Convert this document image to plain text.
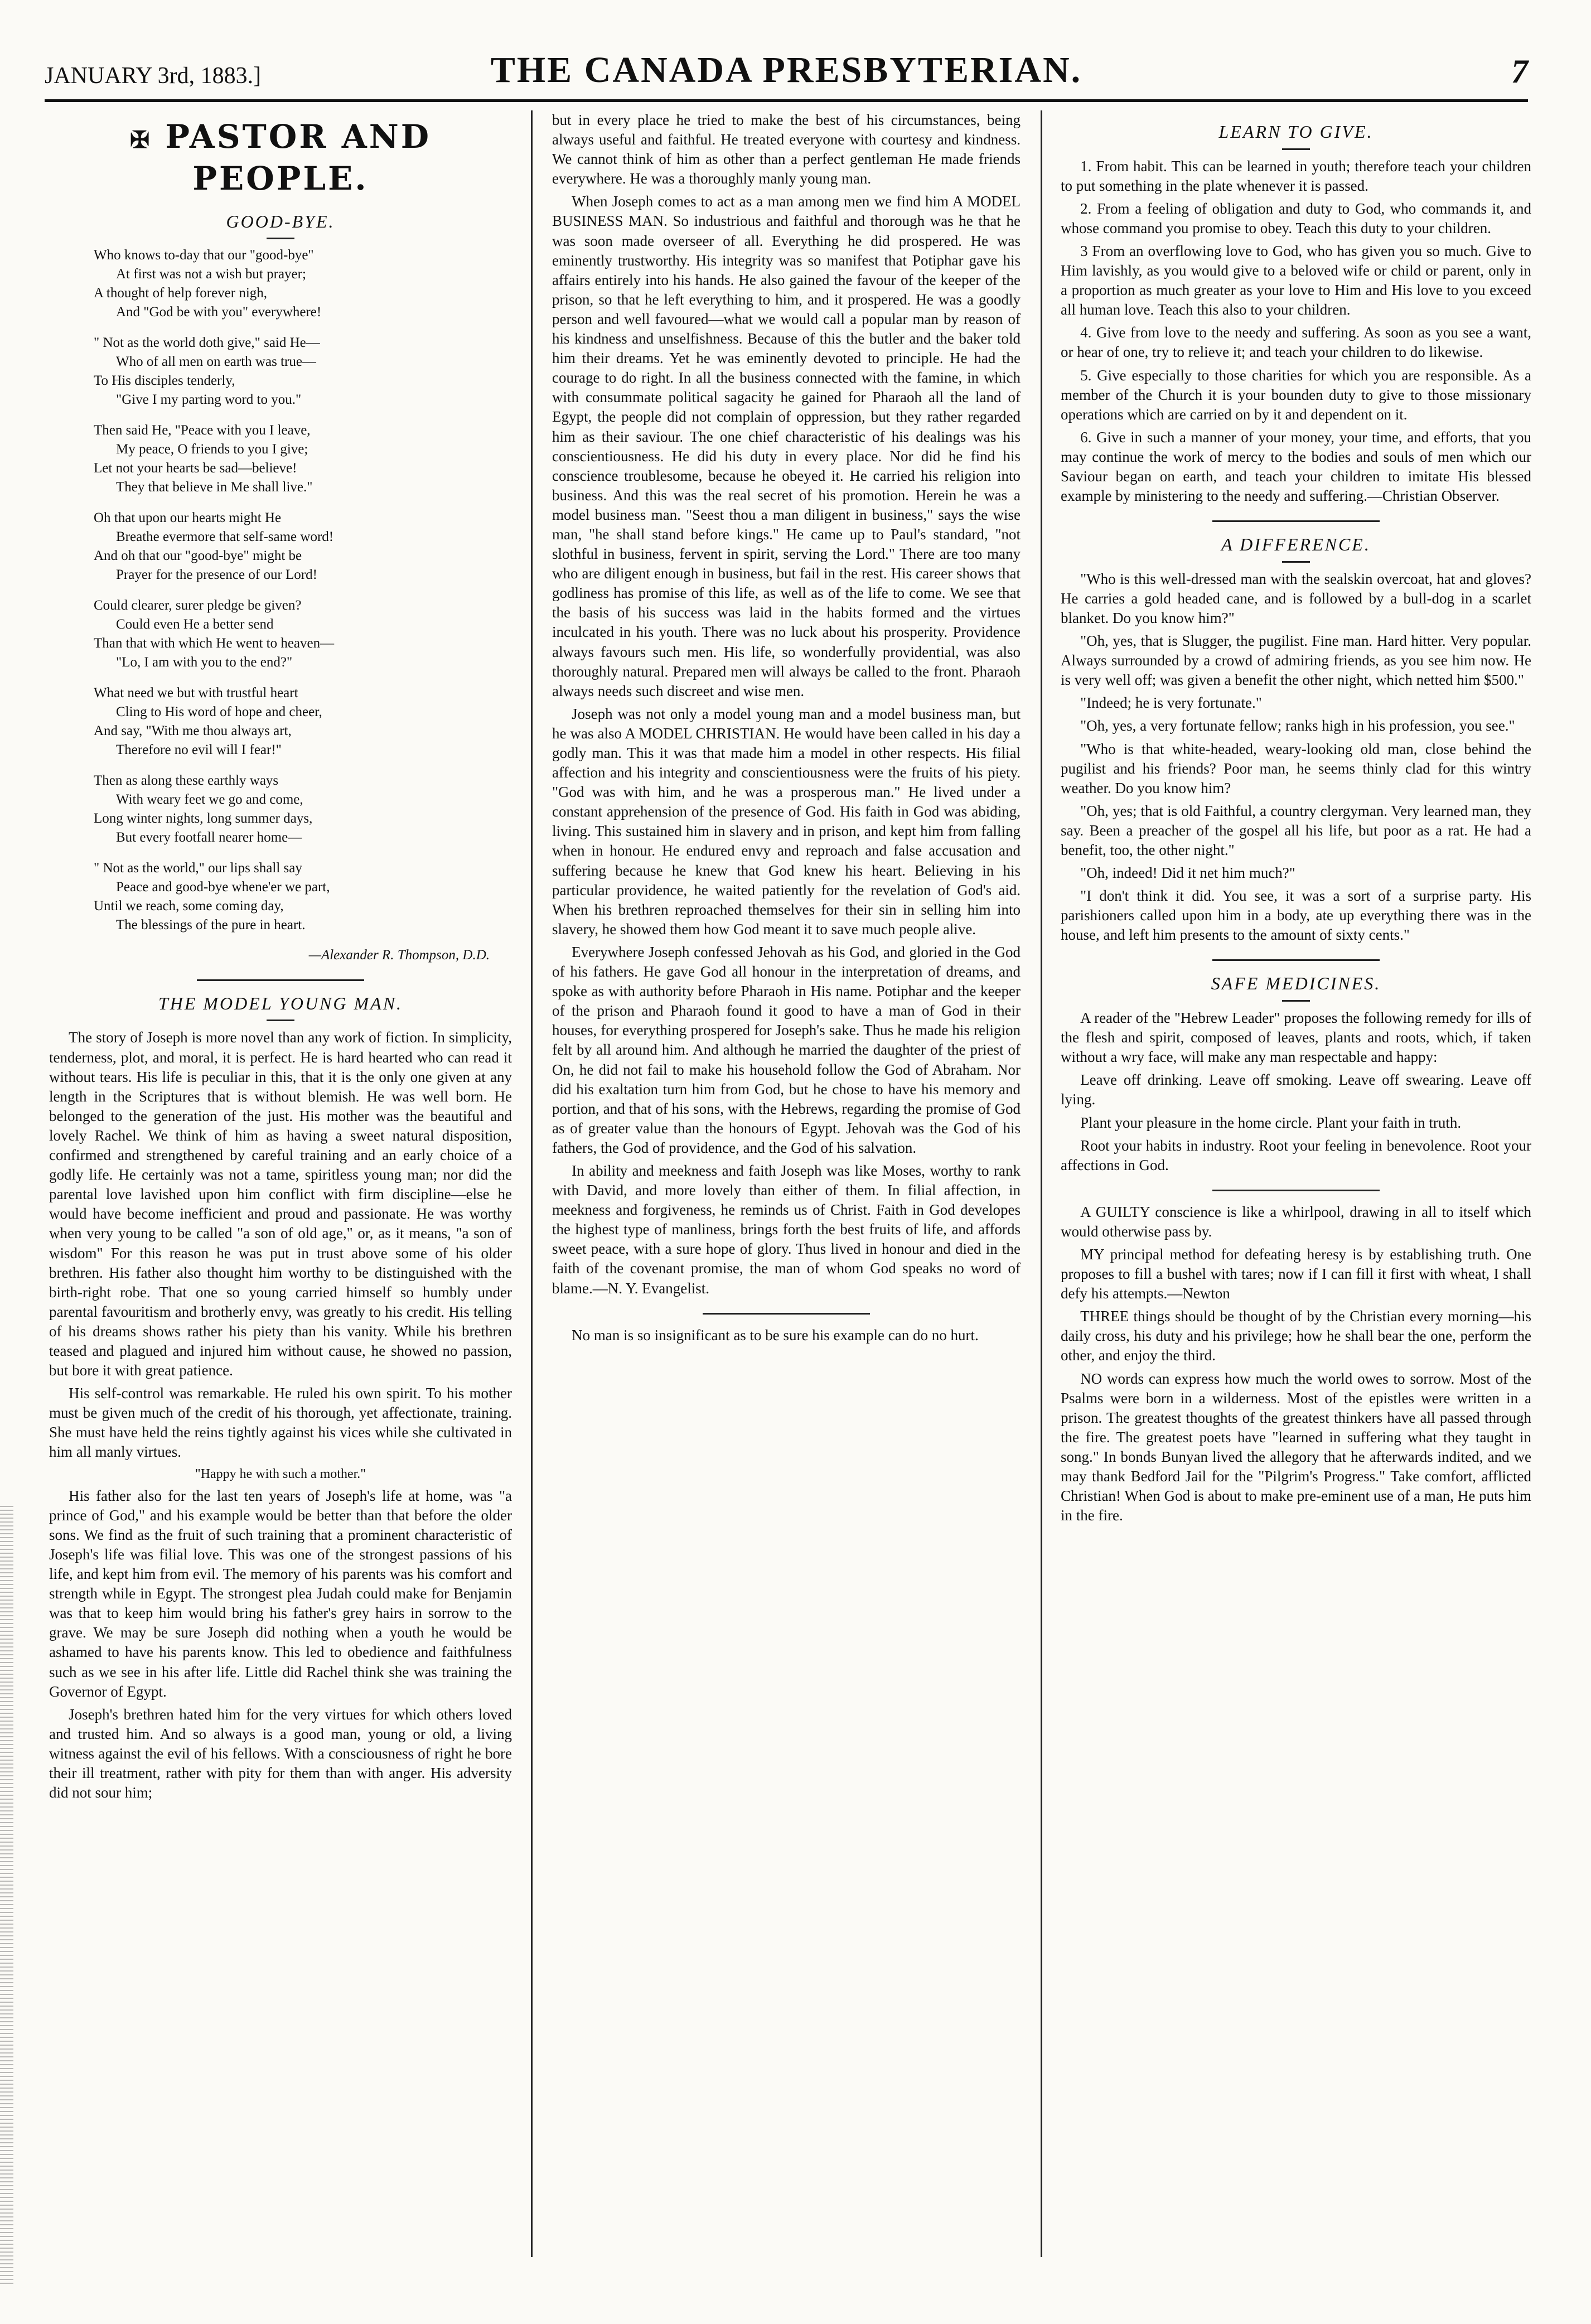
JANUARY 3rd, 1883.]	THE CANADA PRESBYTERIAN.	7
✠ PASTOR AND PEOPLE.
GOOD-BYE.
Who knows to-day that our "good-bye"
At first was not a wish but prayer;
A thought of help forever nigh,
And "God be with you" everywhere!
" Not as the world doth give," said He—
Who of all men on earth was true—
To His disciples tenderly,
"Give I my parting word to you."
Then said He, "Peace with you I leave,
My peace, O friends to you I give;
Let not your hearts be sad—believe!
They that believe in Me shall live."
Oh that upon our hearts might He
Breathe evermore that self-same word!
And oh that our "good-bye" might be
Prayer for the presence of our Lord!
Could clearer, surer pledge be given?
Could even He a better send
Than that with which He went to heaven—
"Lo, I am with you to the end?"
What need we but with trustful heart
Cling to His word of hope and cheer,
And say, "With me thou always art,
Therefore no evil will I fear!"
Then as along these earthly ways
With weary feet we go and come,
Long winter nights, long summer days,
But every footfall nearer home—
" Not as the world," our lips shall say
Peace and good-bye whene'er we part,
Until we reach, some coming day,
The blessings of the pure in heart.
—Alexander R. Thompson, D.D.
THE MODEL YOUNG MAN.

The story of Joseph is more novel than any work of fiction. In simplicity, tenderness, plot, and moral, it is perfect. He is hard hearted who can read it without tears. His life is peculiar in this, that it is the only one given at any length in the Scriptures that is without blemish. He was well born. He belonged to the generation of the just. His mother was the beautiful and lovely Rachel. We think of him as having a sweet natural disposition, confirmed and strengthened by careful training and an early choice of a godly life. He certainly was not a tame, spiritless young man; nor did the parental love lavished upon him conflict with firm discipline—else he would have become inefficient and proud and passionate. He was worthy when very young to be called "a son of old age," or, as it means, "a son of wisdom" For this reason he was put in trust above some of his older brethren. His father also thought him worthy to be distinguished with the birth-right robe. That one so young carried himself so humbly under parental favouritism and brotherly envy, was greatly to his credit. His telling of his dreams shows rather his piety than his vanity. While his brethren teased and plagued and injured him without cause, he showed no passion, but bore it with great patience.

His self-control was remarkable. He ruled his own spirit. To his mother must be given much of the credit of his thorough, yet affectionate, training. She must have held the reins tightly against his vices while she cultivated in him all manly virtues.

"Happy he with such a mother."

His father also for the last ten years of Joseph's life at home, was "a prince of God," and his example would be better than that before the older sons. We find as the fruit of such training that a prominent characteristic of Joseph's life was filial love. This was one of the strongest passions of his life, and kept him from evil. The memory of his parents was his comfort and strength while in Egypt. The strongest plea Judah could make for Benjamin was that to keep him would bring his father's grey hairs in sorrow to the grave. We may be sure Joseph did nothing when a youth he would be ashamed to have his parents know. This led to obedience and faithfulness such as we see in his after life. Little did Rachel think she was training the Governor of Egypt.

Joseph's brethren hated him for the very virtues for which others loved and trusted him. And so always is a good man, young or old, a living witness against the evil of his fellows. With a consciousness of right he bore their ill treatment, rather with pity for them than with anger. His adversity did not sour him;

but in every place he tried to make the best of his circumstances, being always useful and faithful. He treated everyone with courtesy and kindness. We cannot think of him as other than a perfect gentleman He made friends everywhere. He was a thoroughly manly young man.

When Joseph comes to act as a man among men we find him A MODEL BUSINESS MAN. So industrious and faithful and thorough was he that he was soon made overseer of all. Everything he did prospered. He was eminently trustworthy. His integrity was so manifest that Potiphar gave his affairs entirely into his hands. He also gained the favour of the keeper of the prison, so that he left everything to him, and it prospered. He was a goodly person and well favoured—what we would call a popular man by reason of his kindness and unselfishness. Because of this the butler and the baker told him their dreams. Yet he was eminently devoted to principle. He had the courage to do right. In all the business connected with the famine, in which with consummate political sagacity he gained for Pharaoh all the land of Egypt, the people did not complain of oppression, but they rather regarded him as their saviour. The one chief characteristic of his dealings was his conscientiousness. He did his duty in every place. Nor did he find his conscience troublesome, because he obeyed it. He carried his religion into business. And this was the real secret of his promotion. Herein he was a model business man. "Seest thou a man diligent in business," says the wise man, "he shall stand before kings." He came up to Paul's standard, "not slothful in business, fervent in spirit, serving the Lord." There are too many who are diligent enough in business, but fail in the rest. His career shows that godliness has promise of this life, as well as of the life to come. We see that the basis of his success was laid in the habits formed and the virtues inculcated in his youth. There was no luck about his prosperity. Providence always favours such men. His life, so wonderfully providential, was also thoroughly natural. Prepared men will always be called to the front. Pharaoh always needs such discreet and wise men.

Joseph was not only a model young man and a model business man, but he was also A MODEL CHRISTIAN. He would have been called in his day a godly man. This it was that made him a model in other respects. His filial affection and his integrity and conscientiousness were the fruits of his piety. "God was with him, and he was a prosperous man." He lived under a constant apprehension of the presence of God. His faith in God was abiding, living. This sustained him in slavery and in prison, and kept him from falling when in honour. He endured envy and reproach and false accusation and suffering because he knew that God knew his heart. Believing in his particular providence, he waited patiently for the revelation of God's aid. When his brethren reproached themselves for their sin in selling him into slavery, he showed them how God meant it to save much people alive.

Everywhere Joseph confessed Jehovah as his God, and gloried in the God of his fathers. He gave God all honour in the interpretation of dreams, and spoke as with authority before Pharaoh in His name. Potiphar and the keeper of the prison and Pharaoh found it good to have a man of God in their houses, for everything prospered for Joseph's sake. Thus he made his religion felt by all around him. And although he married the daughter of the priest of On, he did not fail to make his household follow the God of Abraham. Nor did his exaltation turn him from God, but he chose to have his memory and portion, and that of his sons, with the Hebrews, regarding the promise of God as of greater value than the honours of Egypt. Jehovah was the God of his fathers, the God of providence, and the God of his salvation.

In ability and meekness and faith Joseph was like Moses, worthy to rank with David, and more lovely than either of them. In filial affection, in meekness and forgiveness, he reminds us of Christ. Faith in God developes the highest type of manliness, brings forth the best fruits of life, and affords sweet peace, with a sure hope of glory. Thus lived in honour and died in the faith of the covenant promise, the man of whom God speaks no word of blame.—N. Y. Evangelist.

No man is so insignificant as to be sure his example can do no hurt.

LEARN TO GIVE.

1. From habit. This can be learned in youth; therefore teach your children to put something in the plate whenever it is passed.

2. From a feeling of obligation and duty to God, who commands it, and whose command you promise to obey. Teach this duty to your children.

3 From an overflowing love to God, who has given you so much. Give to Him lavishly, as you would give to a beloved wife or child or parent, only in a proportion as much greater as your love to Him and His love to you exceed all human love. Teach this also to your children.

4. Give from love to the needy and suffering. As soon as you see a want, or hear of one, try to relieve it; and teach your children to do likewise.

5. Give especially to those charities for which you are responsible. As a member of the Church it is your bounden duty to give to those missionary operations which are carried on by it and dependent on it.

6. Give in such a manner of your money, your time, and efforts, that you may continue the work of mercy to the bodies and souls of men which our Saviour began on earth, and teach your children to imitate His blessed example by ministering to the needy and suffering.—Christian Observer.

A DIFFERENCE.

"Who is this well-dressed man with the sealskin overcoat, hat and gloves? He carries a gold headed cane, and is followed by a bull-dog in a scarlet blanket. Do you know him?"

"Oh, yes, that is Slugger, the pugilist. Fine man. Hard hitter. Very popular. Always surrounded by a crowd of admiring friends, as you see him now. He is very well off; was given a benefit the other night, which netted him $500."

"Indeed; he is very fortunate."

"Oh, yes, a very fortunate fellow; ranks high in his profession, you see."

"Who is that white-headed, weary-looking old man, close behind the pugilist and his friends? Poor man, he seems thinly clad for this wintry weather. Do you know him?

"Oh, yes; that is old Faithful, a country clergyman. Very learned man, they say. Been a preacher of the gospel all his life, but poor as a rat. He had a benefit, too, the other night."

"Oh, indeed! Did it net him much?"

"I don't think it did. You see, it was a sort of a surprise party. His parishioners called upon him in a body, ate up everything there was in the house, and left him presents to the amount of sixty cents."

SAFE MEDICINES.

A reader of the "Hebrew Leader" proposes the following remedy for ills of the flesh and spirit, composed of leaves, plants and roots, which, if taken without a wry face, will make any man respectable and happy:

Leave off drinking. Leave off smoking. Leave off swearing. Leave off lying.

Plant your pleasure in the home circle. Plant your faith in truth.

Root your habits in industry. Root your feeling in benevolence. Root your affections in God.

A GUILTY conscience is like a whirlpool, drawing in all to itself which would otherwise pass by.

MY principal method for defeating heresy is by establishing truth. One proposes to fill a bushel with tares; now if I can fill it first with wheat, I shall defy his attempts.—Newton

THREE things should be thought of by the Christian every morning—his daily cross, his duty and his privilege; how he shall bear the one, perform the other, and enjoy the third.

NO words can express how much the world owes to sorrow. Most of the Psalms were born in a wilderness. Most of the epistles were written in a prison. The greatest thoughts of the greatest thinkers have all passed through the fire. The greatest poets have "learned in suffering what they taught in song." In bonds Bunyan lived the allegory that he afterwards indited, and we may thank Bedford Jail for the "Pilgrim's Progress." Take comfort, afflicted Christian! When God is about to make pre-eminent use of a man, He puts him in the fire.
